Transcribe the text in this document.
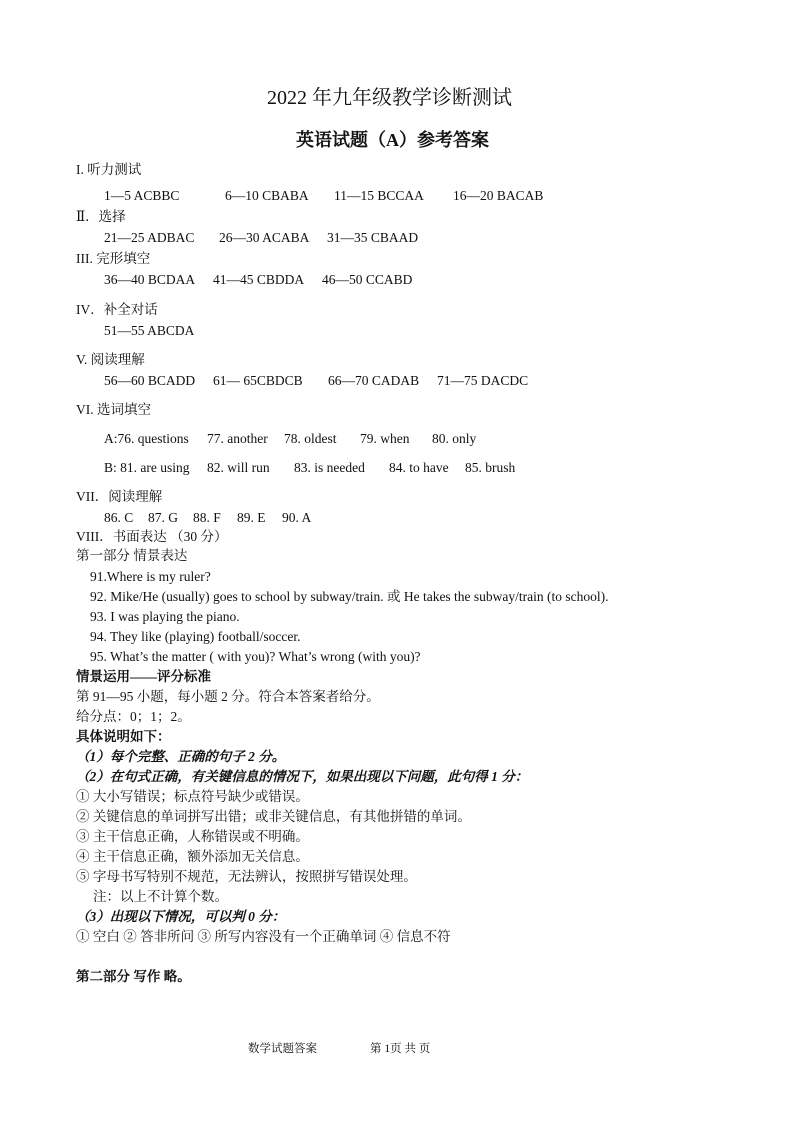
2022 年九年级教学诊断测试
英语试题（A）参考答案
I. 听力测试
1—5 ACBBC	6—10 CBABA 11—15 BCCAA 16—20 BACAB
Ⅱ．选择
21—25 ADBAC 26—30 ACABA 31—35 CBAAD
III. 完形填空
36—40 BCDAA 41—45 CBDDA 46—50 CCABD
IV．补全对话
51—55 ABCDA
V. 阅读理解
56—60 BCADD 61— 65CBDCB 66—70 CADAB 71—75 DACDC
VI. 选词填空
A:76. questions 77. another 78. oldest 79. when 80. only
B: 81. are using 82. will run 83. is needed 84. to have 85. brush
VII．阅读理解
86. C 87. G 88. F 89. E 90. A
VIII．书面表达 （30 分）
第一部分 情景表达
91.Where is my ruler?
92. Mike/He (usually) goes to school by subway/train. 或 He takes the subway/train (to school).
93. I was playing the piano.
94. They like (playing) football/soccer.
95. What’s the matter ( with you)? What’s wrong (with you)?
情景运用——评分标准
第 91—95 小题，每小题 2 分。符合本答案者给分。
给分点：0；1；2。
具体说明如下：
（1）每个完整、正确的句子 2 分。
（2）在句式正确，有关键信息的情况下，如果出现以下问题，此句得 1 分：
① 大小写错误；标点符号缺少或错误。
② 关键信息的单词拼写出错；或非关键信息，有其他拼错的单词。
③ 主干信息正确，人称错误或不明确。
④ 主干信息正确，额外添加无关信息。
⑤ 字母书写特别不规范，无法辨认，按照拼写错误处理。
注：以上不计算个数。
（3）出现以下情况，可以判 0 分：
① 空白 ② 答非所问 ③ 所写内容没有一个正确单词 ④ 信息不符
第二部分 写作 略。
数学试题答案	第 1页 共 页
